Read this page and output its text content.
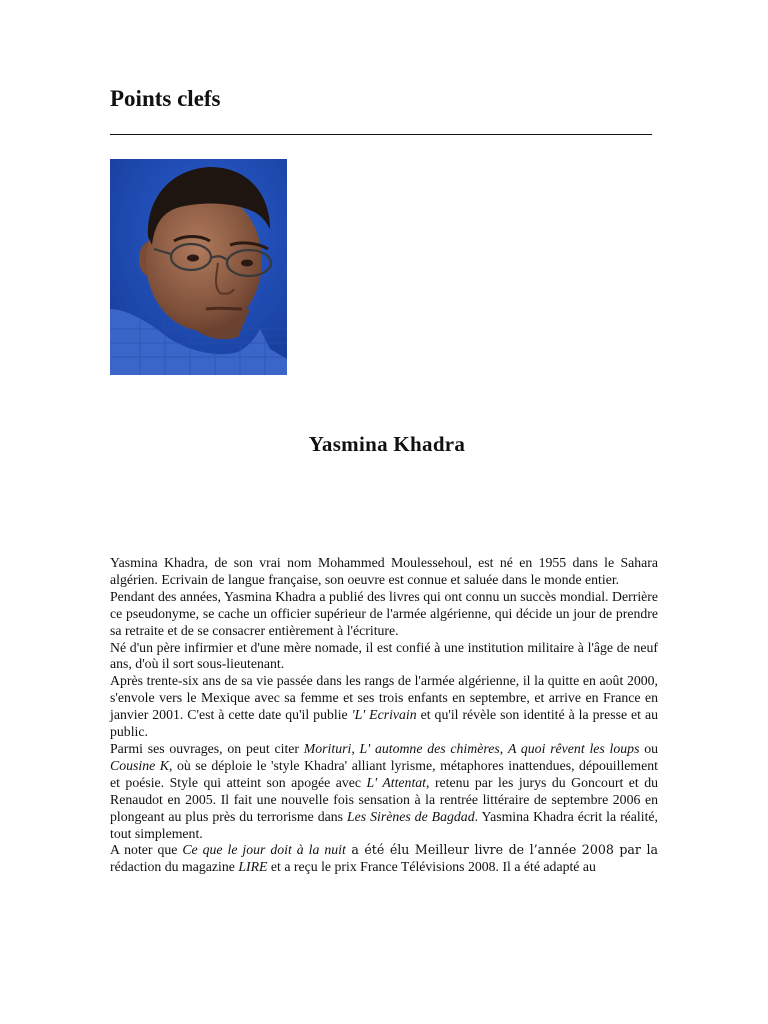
Points clefs
Yasmina Khadra

Yasmina Khadra, de son vrai nom Mohammed Moulessehoul, est né en 1955 dans le Sahara algérien. Ecrivain de langue française, son oeuvre est connue et saluée dans le monde entier.

Pendant des années, Yasmina Khadra a publié des livres qui ont connu un succès mondial. Derrière ce pseudonyme, se cache un officier supérieur de l'armée algérienne, qui décide un jour de prendre sa retraite et de se consacrer entièrement à l'écriture.

Né d'un père infirmier et d'une mère nomade, il est confié à une institution militaire à l'âge de neuf ans, d'où il sort sous-lieutenant.

Après trente-six ans de sa vie passée dans les rangs de l'armée algérienne, il la quitte en août 2000, s'envole vers le Mexique avec sa femme et ses trois enfants en septembre, et arrive en France en janvier 2001. C'est à cette date qu'il publie 'L' Ecrivain et qu'il révèle son identité à la presse et au public.

Parmi ses ouvrages, on peut citer Morituri, L' automne des chimères, A quoi rêvent les loups ou Cousine K, où se déploie le 'style Khadra' alliant lyrisme, métaphores inattendues, dépouillement et poésie. Style qui atteint son apogée avec L' Attentat, retenu par les jurys du Goncourt et du Renaudot en 2005. Il fait une nouvelle fois sensation à la rentrée littéraire de septembre 2006 en plongeant au plus près du terrorisme dans Les Sirènes de Bagdad. Yasmina Khadra écrit la réalité, tout simplement.

A noter que Ce que le jour doit à la nuit a été élu Meilleur livre de l’année 2008 par la rédaction du magazine LIRE et a reçu le prix France Télévisions 2008. Il a été adapté au
